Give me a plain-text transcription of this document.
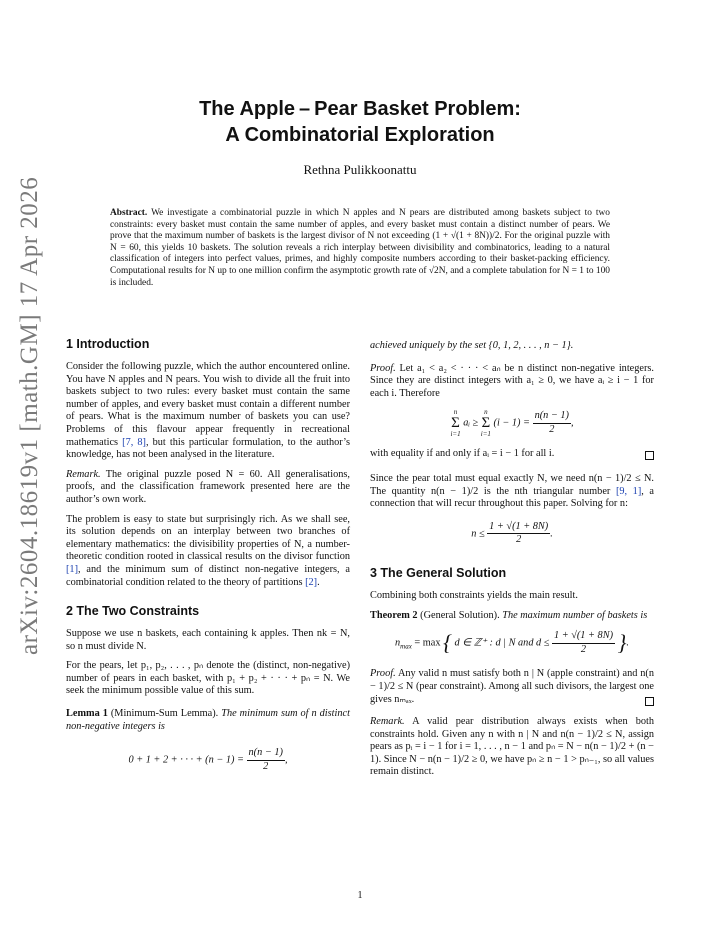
arXiv:2604.18619v1 [math.GM] 17 Apr 2026
The Apple – Pear Basket Problem:
A Combinatorial Exploration
Rethna Pulikkoonattu
Abstract. We investigate a combinatorial puzzle in which N apples and N pears are distributed among baskets subject to two constraints: every basket must contain the same number of apples, and every basket must contain a distinct number of pears. We prove that the maximum number of baskets is the largest divisor of N not exceeding (1 + √(1 + 8N))/2. For the original puzzle with N = 60, this yields 10 baskets. The solution reveals a rich interplay between divisibility and combinatorics, leading to a natural classification of integers into perfect values, primes, and highly composite numbers according to their basket-packing efficiency. Computational results for N up to one million confirm the asymptotic growth rate of √2N, and a complete tabulation for N = 1 to 100 is included.
1 Introduction

Consider the following puzzle, which the author encountered online. You have N apples and N pears. You wish to divide all the fruit into baskets subject to two rules: every basket must contain the same number of apples, and every basket must contain a different number of pears. What is the maximum number of baskets you can use? Problems of this flavour appear frequently in recreational mathematics [7, 8], but this particular formulation, to the author’s knowledge, has not been analysed in the literature.

Remark. The original puzzle posed N = 60. All generalisations, proofs, and the classification framework presented here are the author’s own work.

The problem is easy to state but surprisingly rich. As we shall see, its solution depends on an interplay between two branches of elementary mathematics: the divisibility properties of N, a number-theoretic condition rooted in classical results on the divisor function [1], and the minimum sum of distinct non-negative integers, a combinatorial condition related to the theory of partitions [2].

2 The Two Constraints

Suppose we use n baskets, each containing k apples. Then nk = N, so n must divide N.

For the pears, let p₁, p₂, . . . , pₙ denote the (distinct, non-negative) number of pears in each basket, with p₁ + p₂ + · · · + pₙ = N. We seek the minimum possible value of this sum.

Lemma 1 (Minimum-Sum Lemma). The minimum sum of n distinct non-negative integers is

0 + 1 + 2 + · · · + $(n - 1) = \frac{n(n - 1)}{2}$ ,

achieved uniquely by the set {0, 1, 2, . . . , n − 1}.

Proof. Let a₁ < a₂ < · · · < aₙ be n distinct non-negative integers. Since they are distinct integers with a₁ ≥ 0, we have aᵢ ≥ i − 1 for each i. Therefore

n
Σ
i=1 aᵢ ≥ n
Σ
i=1 $(i - 1) = \frac{n(n - 1)}{2}$ ,

with equality if and only if aᵢ = i − 1 for all i.

Since the pear total must equal exactly N, we need n(n − 1)/2 ≤ N. The quantity n(n − 1)/2 is the nth triangular number [9, 1], a connection that will recur throughout this paper. Solving for n:

$n \le \frac{1 + √(1 + 8N)}{2}$ .
3 The General Solution

Combining both constraints yields the main result.

Theorem 2 (General Solution). The maximum number of baskets is

$n_{max} = \max$ { d ∈ ℤ⁺ : d | N and $d \le \frac{1 + √(1 + 8N)}{2}$ }.

Proof. Any valid n must satisfy both n | N (apple constraint) and n(n − 1)/2 ≤ N (pear constraint). Among all such divisors, the largest one gives nₘₐₓ.

Remark. A valid pear distribution always exists when both constraints hold. Given any n with n | N and n(n − 1)/2 ≤ N, assign pears as pᵢ = i − 1 for i = 1, . . . , n − 1 and pₙ = N − n(n − 1)/2 + (n − 1). Since N − n(n − 1)/2 ≥ 0, we have pₙ ≥ n − 1 > pₙ₋₁, so all values remain distinct.

1
